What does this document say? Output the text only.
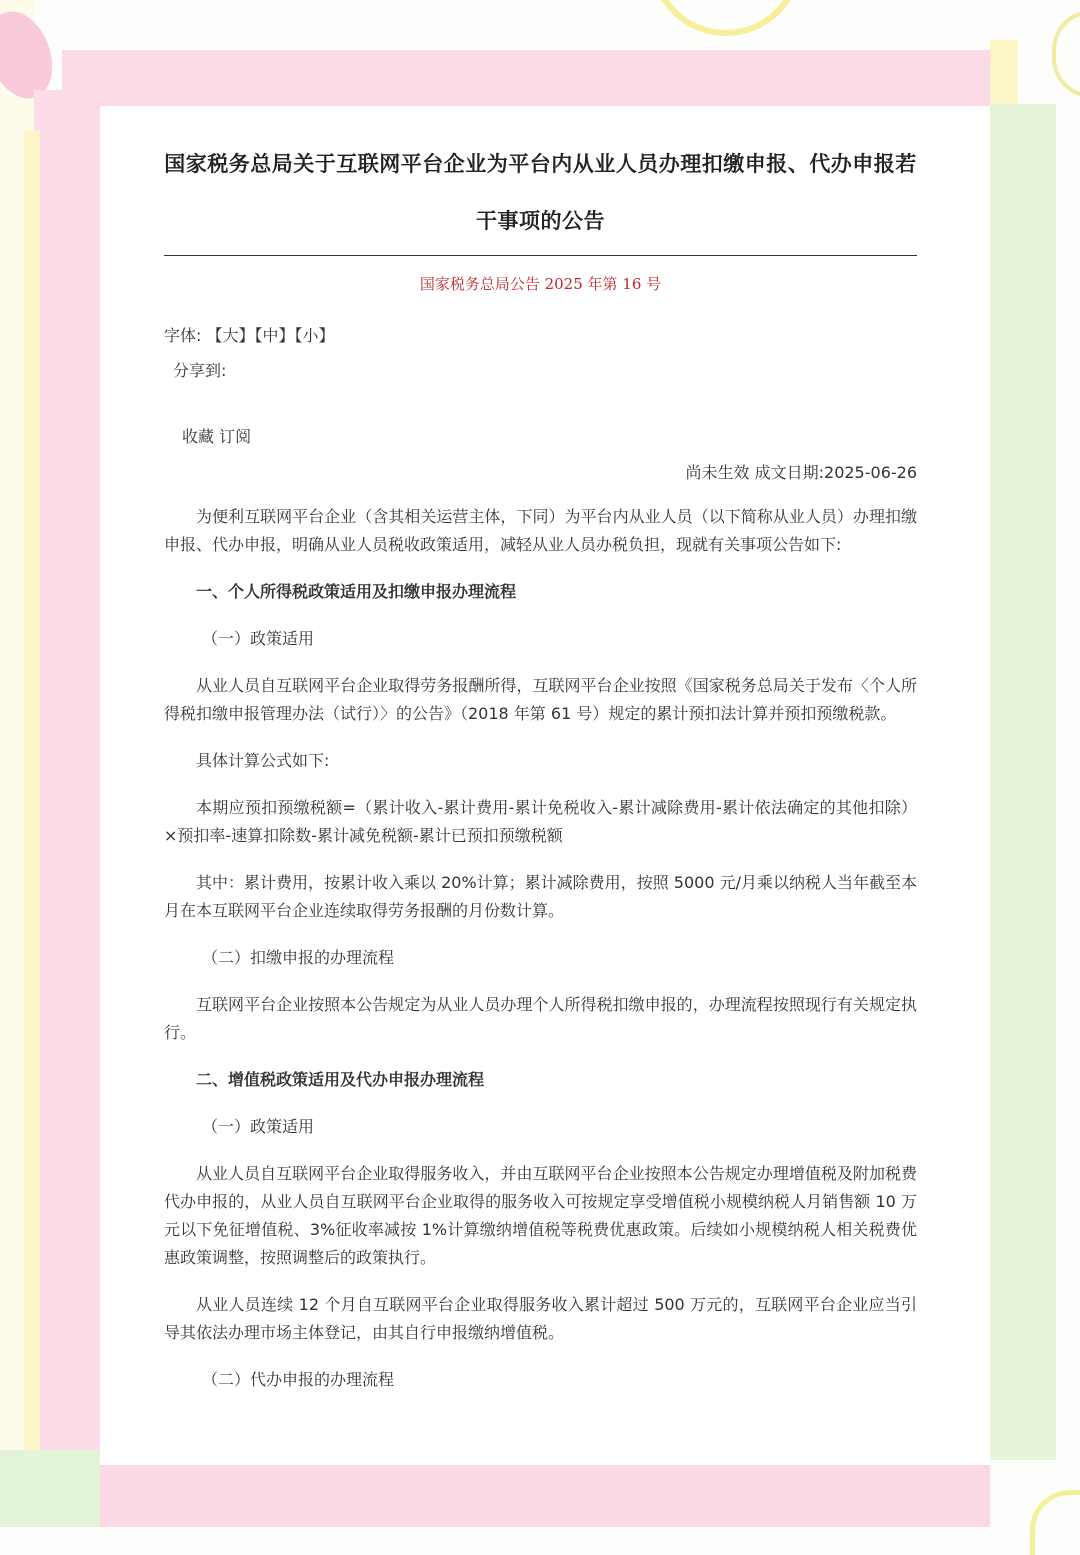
国家税务总局关于互联网平台企业为平台内从业人员办理扣缴申报、代办申报若
干事项的公告
国家税务总局公告 2025 年第 16 号
字体: 【大】【中】【小】
分享到:
收藏 订阅
尚未生效 成文日期:2025-06-26

为便利互联网平台企业（含其相关运营主体，下同）为平台内从业人员（以下简称从业人员）办理扣缴申报、代办申报，明确从业人员税收政策适用，减轻从业人员办税负担，现就有关事项公告如下:

一、个人所得税政策适用及扣缴申报办理流程

（一）政策适用

从业人员自互联网平台企业取得劳务报酬所得，互联网平台企业按照《国家税务总局关于发布〈个人所得税扣缴申报管理办法（试行）〉的公告》（2018 年第 61 号）规定的累计预扣法计算并预扣预缴税款。

具体计算公式如下:

本期应预扣预缴税额=（累计收入-累计费用-累计免税收入-累计减除费用-累计依法确定的其他扣除）×预扣率-速算扣除数-累计减免税额-累计已预扣预缴税额

其中：累计费用，按累计收入乘以 20%计算；累计减除费用，按照 5000 元/月乘以纳税人当年截至本月在本互联网平台企业连续取得劳务报酬的月份数计算。

（二）扣缴申报的办理流程

互联网平台企业按照本公告规定为从业人员办理个人所得税扣缴申报的，办理流程按照现行有关规定执行。

二、增值税政策适用及代办申报办理流程

（一）政策适用

从业人员自互联网平台企业取得服务收入，并由互联网平台企业按照本公告规定办理增值税及附加税费代办申报的，从业人员自互联网平台企业取得的服务收入可按规定享受增值税小规模纳税人月销售额 10 万元以下免征增值税、3%征收率减按 1%计算缴纳增值税等税费优惠政策。后续如小规模纳税人相关税费优惠政策调整，按照调整后的政策执行。

从业人员连续 12 个月自互联网平台企业取得服务收入累计超过 500 万元的，互联网平台企业应当引导其依法办理市场主体登记，由其自行申报缴纳增值税。

（二）代办申报的办理流程
